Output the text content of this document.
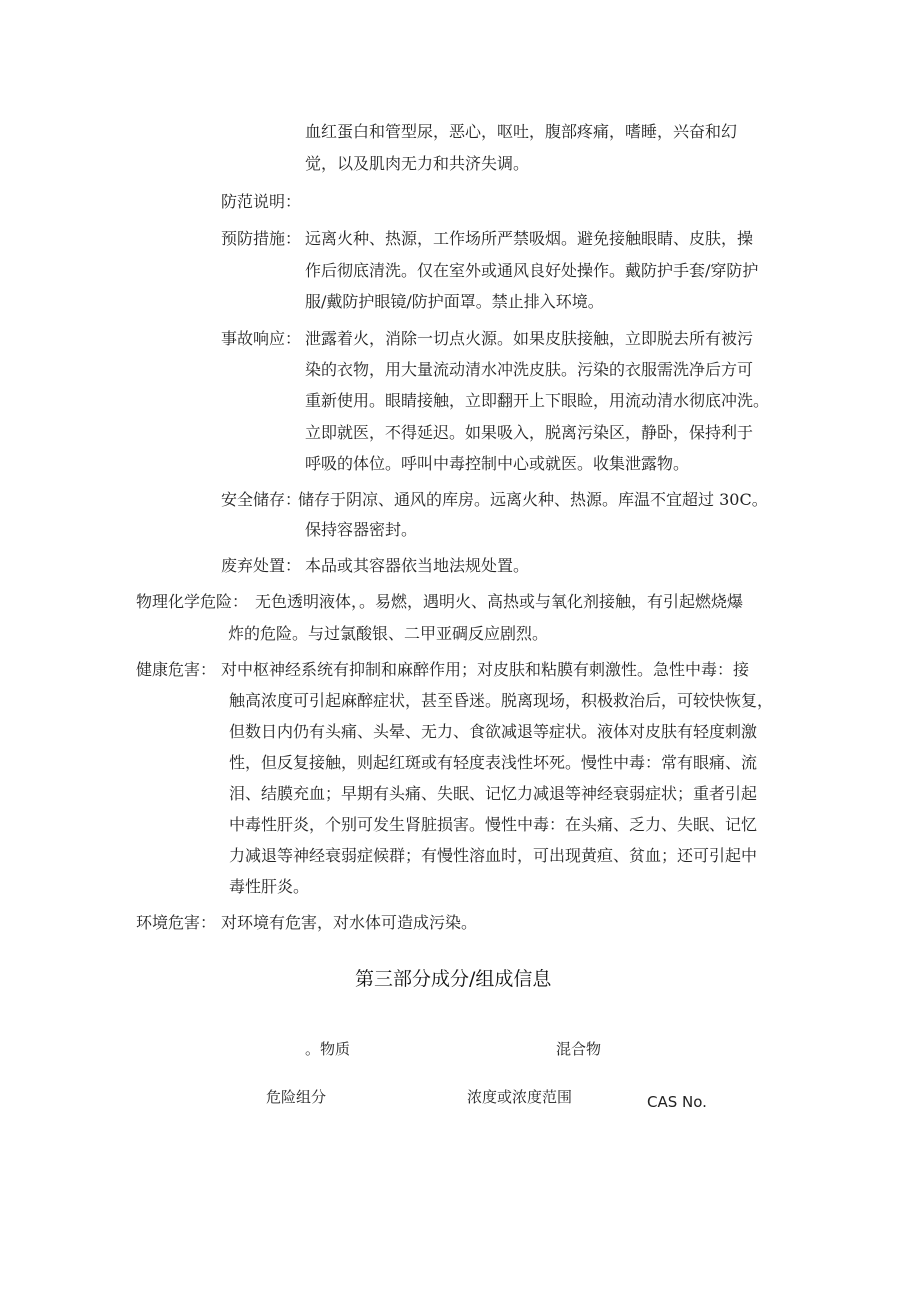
血红蛋白和管型尿，恶心，呕吐，腹部疼痛，嗜睡，兴奋和幻
觉，以及肌肉无力和共济失调。
防范说明：
预防措施： 远离火种、热源，工作场所严禁吸烟。避免接触眼睛、皮肤，操
作后彻底清洗。仅在室外或通风良好处操作。戴防护手套/穿防护
服/戴防护眼镜/防护面罩。禁止排入环境。
事故响应： 泄露着火，消除一切点火源。如果皮肤接触，立即脱去所有被污
染的衣物，用大量流动清水冲洗皮肤。污染的衣服需洗净后方可
重新使用。眼睛接触，立即翻开上下眼睑，用流动清水彻底冲洗。
立即就医，不得延迟。如果吸入，脱离污染区，静卧，保持利于
呼吸的体位。呼叫中毒控制中心或就医。收集泄露物。
安全储存：
储存于阴凉、通风的库房。远离火种、热源。库温不宜超过 30C。
保持容器密封。
废弃处置： 本品或其容器依当地法规处置。
物理化学危险： 无色透明液体，。易燃，遇明火、高热或与氧化剂接触，有引起燃烧爆
炸的危险。与过氯酸银、二甲亚碉反应剧烈。
健康危害： 对中枢神经系统有抑制和麻醉作用；对皮肤和粘膜有刺激性。急性中毒：接
触高浓度可引起麻醉症状，甚至昏迷。脱离现场，积极救治后，可较快恢复，
但数日内仍有头痛、头晕、无力、食欲减退等症状。液体对皮肤有轻度刺激
性，但反复接触，则起红斑或有轻度表浅性坏死。慢性中毒：常有眼痛、流
泪、结膜充血；早期有头痛、失眠、记忆力减退等神经衰弱症状；重者引起
中毒性肝炎，个别可发生肾脏损害。慢性中毒：在头痛、乏力、失眠、记忆
力减退等神经衰弱症候群；有慢性溶血时，可出现黄疸、贫血；还可引起中
毒性肝炎。
环境危害： 对环境有危害，对水体可造成污染。
第三部分成分/组成信息
。物质	混合物
危险组分	浓度或浓度范围	CAS No.
